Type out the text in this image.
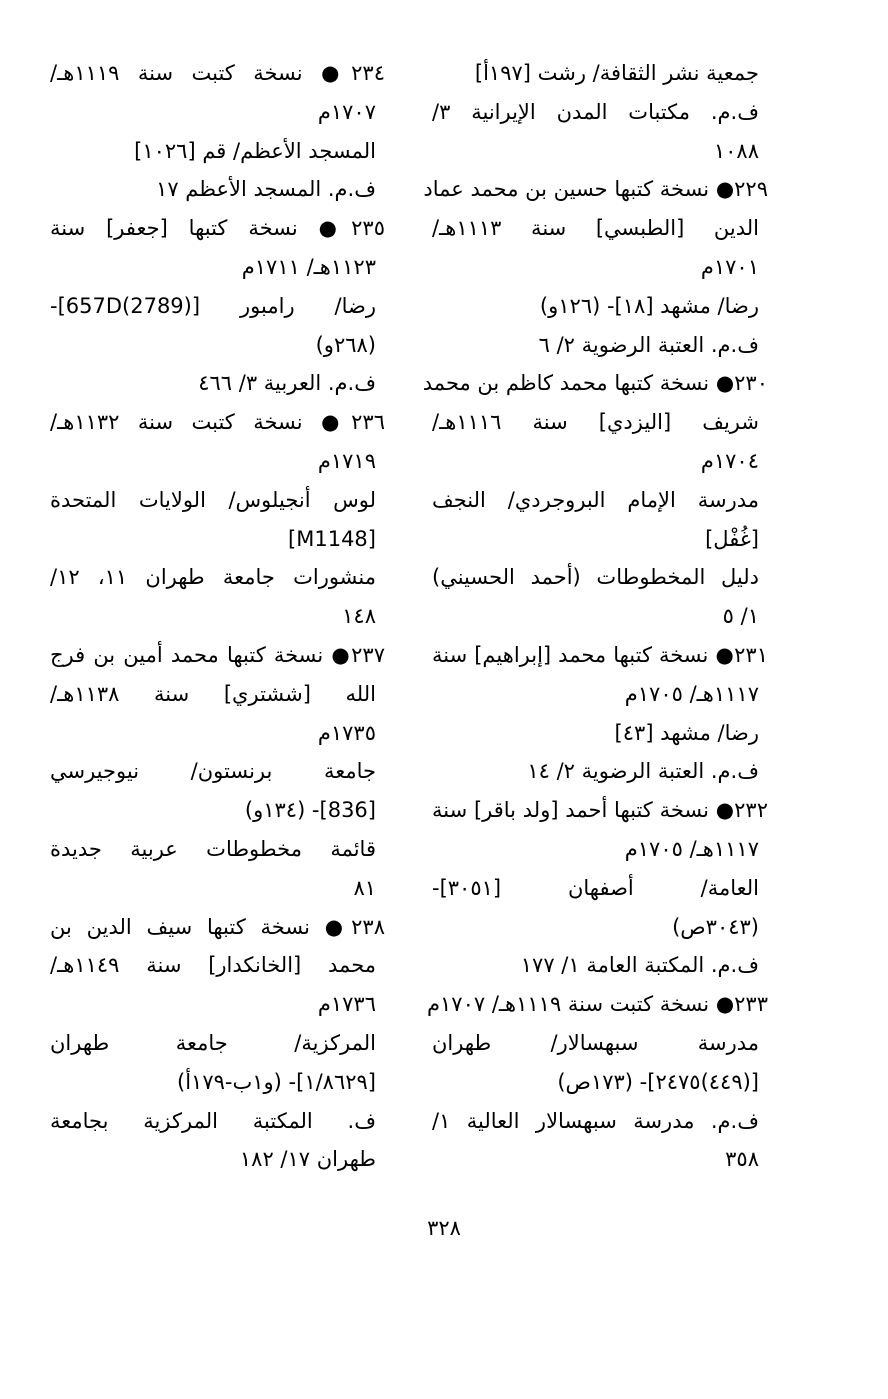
جمعية نشر الثقافة/ رشت [١٩٧أ]
ف.م. مكتبات المدن الإيرانية ٣/
١٠٨٨
٢٢٩● نسخة كتبها حسين بن محمد عماد
الدين [الطبسي] سنة ١١١٣هـ/
١٧٠١م
رضا/ مشهد [١٨]- (١٢٦و)
ف.م. العتبة الرضوية ٢/ ٦
٢٣٠● نسخة كتبها محمد كاظم بن محمد
شريف [اليزدي] سنة ١١١٦هـ/
١٧٠٤م
مدرسة الإمام البروجردي/ النجف
[غُفْل]
دليل المخطوطات (أحمد الحسيني)
١/ ٥
٢٣١● نسخة كتبها محمد [إبراهيم] سنة
١١١٧هـ/ ١٧٠٥م
رضا/ مشهد [٤٣]
ف.م. العتبة الرضوية ٢/ ١٤
٢٣٢● نسخة كتبها أحمد [ولد باقر] سنة
١١١٧هـ/ ١٧٠٥م
العامة/ أصفهان [٣٠٥١]-
(٣٠٤٣ص)
ف.م. المكتبة العامة ١/ ١٧٧
٢٣٣● نسخة كتبت سنة ١١١٩هـ/ ١٧٠٧م
مدرسة سبهسالار/ طهران
[(٤٤٩)٢٤٧٥]- (١٧٣ص)
ف.م. مدرسة سبهسالار العالية ١/
٣٥٨
٢٣٤● نسخة كتبت سنة ١١١٩هـ/
١٧٠٧م
المسجد الأعظم/ قم [١٠٢٦]
ف.م. المسجد الأعظم ١٧
٢٣٥● نسخة كتبها [جعفر] سنة
١١٢٣هـ/ ١٧١١م
رضا/ رامبور [657D(2789)]-
(٢٦٨و)
ف.م. العربية ٣/ ٤٦٦
٢٣٦● نسخة كتبت سنة ١١٣٢هـ/
١٧١٩م
لوس أنجيلوس/ الولايات المتحدة
[M1148]
منشورات جامعة طهران ١١، ١٢/
١٤٨
٢٣٧● نسخة كتبها محمد أمين بن فرج
الله [ششتري] سنة ١١٣٨هـ/
١٧٣٥م
جامعة برنستون/ نيوجيرسي
[836]- (١٣٤و)
قائمة مخطوطات عربية جديدة
٨١
٢٣٨● نسخة كتبها سيف الدين بن
محمد [الخانكدار] سنة ١١٤٩هـ/
١٧٣٦م
المركزية/ جامعة طهران
[١/٨٦٢٩]- (و١ب-١٧٩أ)
ف. المكتبة المركزية بجامعة
طهران ١٧/ ١٨٢
٣٢٨
